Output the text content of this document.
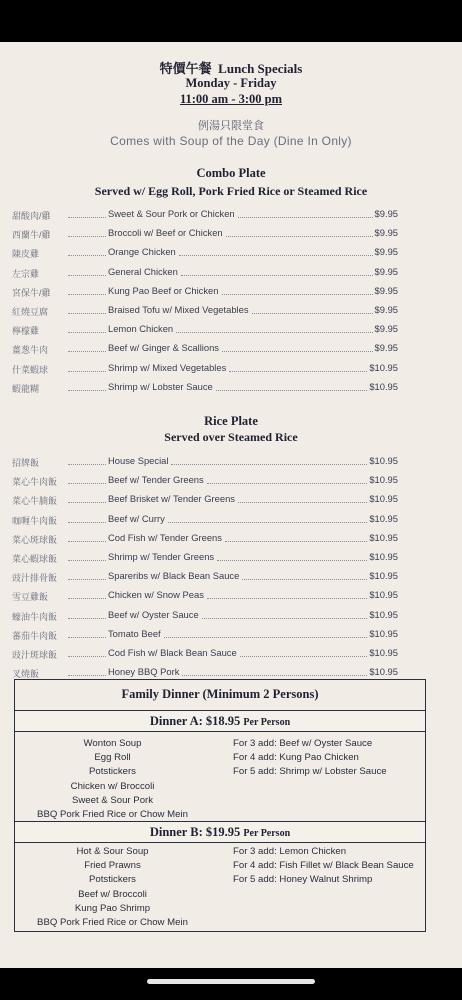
特價午餐 Lunch Specials
Monday - Friday
11:00 am - 3:00 pm
例湯只限堂食
Comes with Soup of the Day (Dine In Only)
Combo Plate
Served w/ Egg Roll, Pork Fried Rice or Steamed Rice
甜酸肉/雞	Sweet & Sour Pork or Chicken	$9.95
西蘭牛/雞	Broccoli w/ Beef or Chicken	$9.95
陳皮雞	Orange Chicken	$9.95
左宗雞	General Chicken	$9.95
宮保牛/雞	Kung Pao Beef or Chicken	$9.95
紅燒豆腐	Braised Tofu w/ Mixed Vegetables	$9.95
檸檬雞	Lemon Chicken	$9.95
薑葱牛肉	Beef w/ Ginger & Scallions	$9.95
什菜蝦球	Shrimp w/ Mixed Vegetables	$10.95
蝦龍糊	Shrimp w/ Lobster Sauce	$10.95
Rice Plate
Served over Steamed Rice
招牌飯	House Special	$10.95
菜心牛肉飯	Beef w/ Tender Greens	$10.95
菜心牛腩飯	Beef Brisket w/ Tender Greens	$10.95
咖喱牛肉飯	Beef w/ Curry	$10.95
菜心斑球飯	Cod Fish w/ Tender Greens	$10.95
菜心蝦球飯	Shrimp w/ Tender Greens	$10.95
豉汁排骨飯	Spareribs w/ Black Bean Sauce	$10.95
雪豆雞飯	Chicken w/ Snow Peas	$10.95
蠔油牛肉飯	Beef w/ Oyster Sauce	$10.95
蕃茄牛肉飯	Tomato Beef	$10.95
豉汁斑球飯	Cod Fish w/ Black Bean Sauce	$10.95
叉燒飯	Honey BBQ Pork	$10.95
Family Dinner (Minimum 2 Persons)
Dinner A: $18.95 Per Person
Wonton Soup
Egg Roll
Potstickers
Chicken w/ Broccoli
Sweet & Sour Pork
BBQ Pork Fried Rice or Chow Mein
For 3 add: Beef w/ Oyster Sauce
For 4 add: Kung Pao Chicken
For 5 add: Shrimp w/ Lobster Sauce
Dinner B: $19.95 Per Person
Hot & Sour Soup
Fried Prawns
Potstickers
Beef w/ Broccoli
Kung Pao Shrimp
BBQ Pork Fried Rice or Chow Mein
For 3 add: Lemon Chicken
For 4 add: Fish Fillet w/ Black Bean Sauce
For 5 add: Honey Walnut Shrimp
